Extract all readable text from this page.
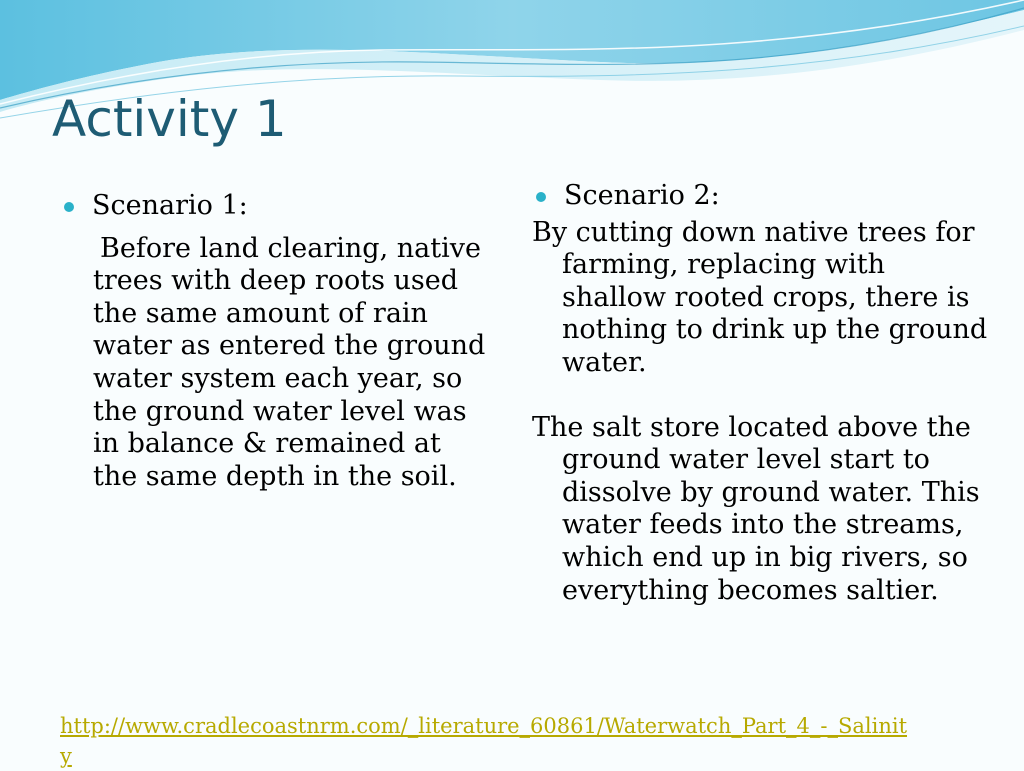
Activity 1
Scenario 1:

Before land clearing, native trees with deep roots used the same amount of rain water as entered the ground water system each year, so the ground water level was in balance & remained at the same depth in the soil.

Scenario 2:

By cutting down native trees for farming, replacing with shallow rooted crops, there is nothing to drink up the ground water.

The salt store located above the ground water level start to dissolve by ground water. This water feeds into the streams, which end up in big rivers, so everything becomes saltier.

http://www.cradlecoastnrm.com/_literature_60861/Waterwatch_Part_4_-_Salinity
